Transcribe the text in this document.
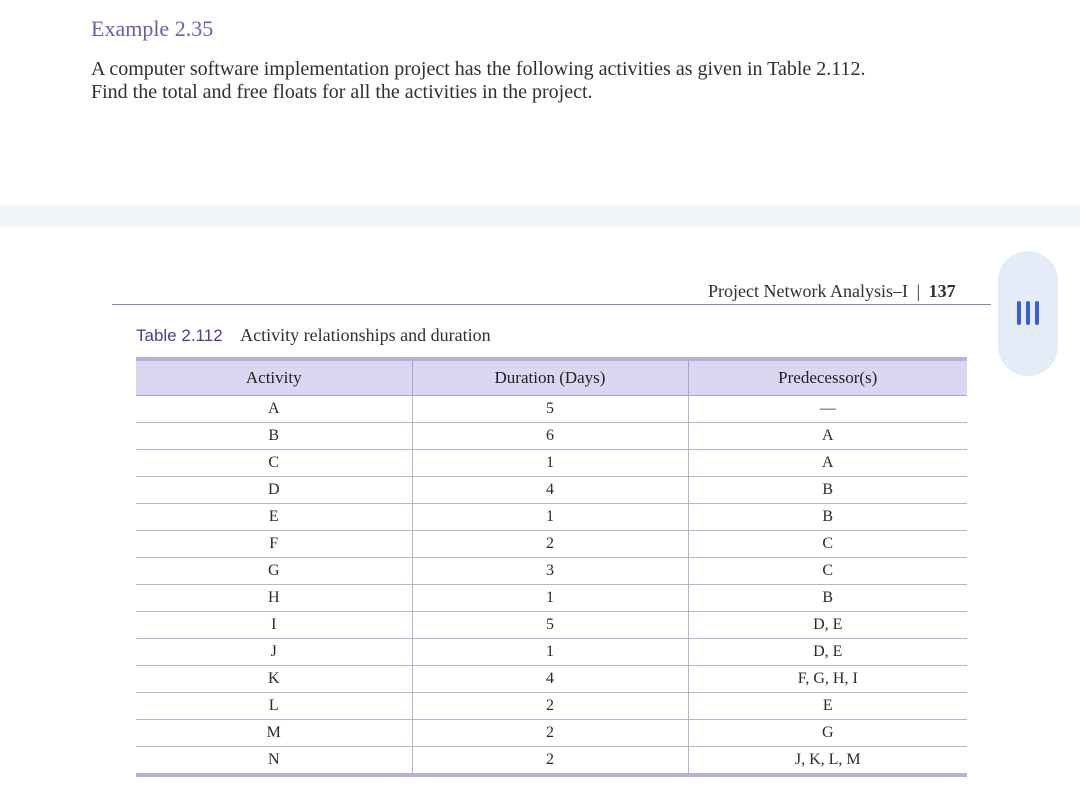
Example 2.35
A computer software implementation project has the following activities as given in Table 2.112.
Find the total and free floats for all the activities in the project.
Project Network Analysis–I | 137
Table 2.112 Activity relationships and duration
Activity	Duration (Days)	Predecessor(s)
A	5	—
B	6	A
C	1	A
D	4	B
E	1	B
F	2	C
G	3	C
H	1	B
I	5	D, E
J	1	D, E
K	4	F, G, H, I
L	2	E
M	2	G
N	2	J, K, L, M
